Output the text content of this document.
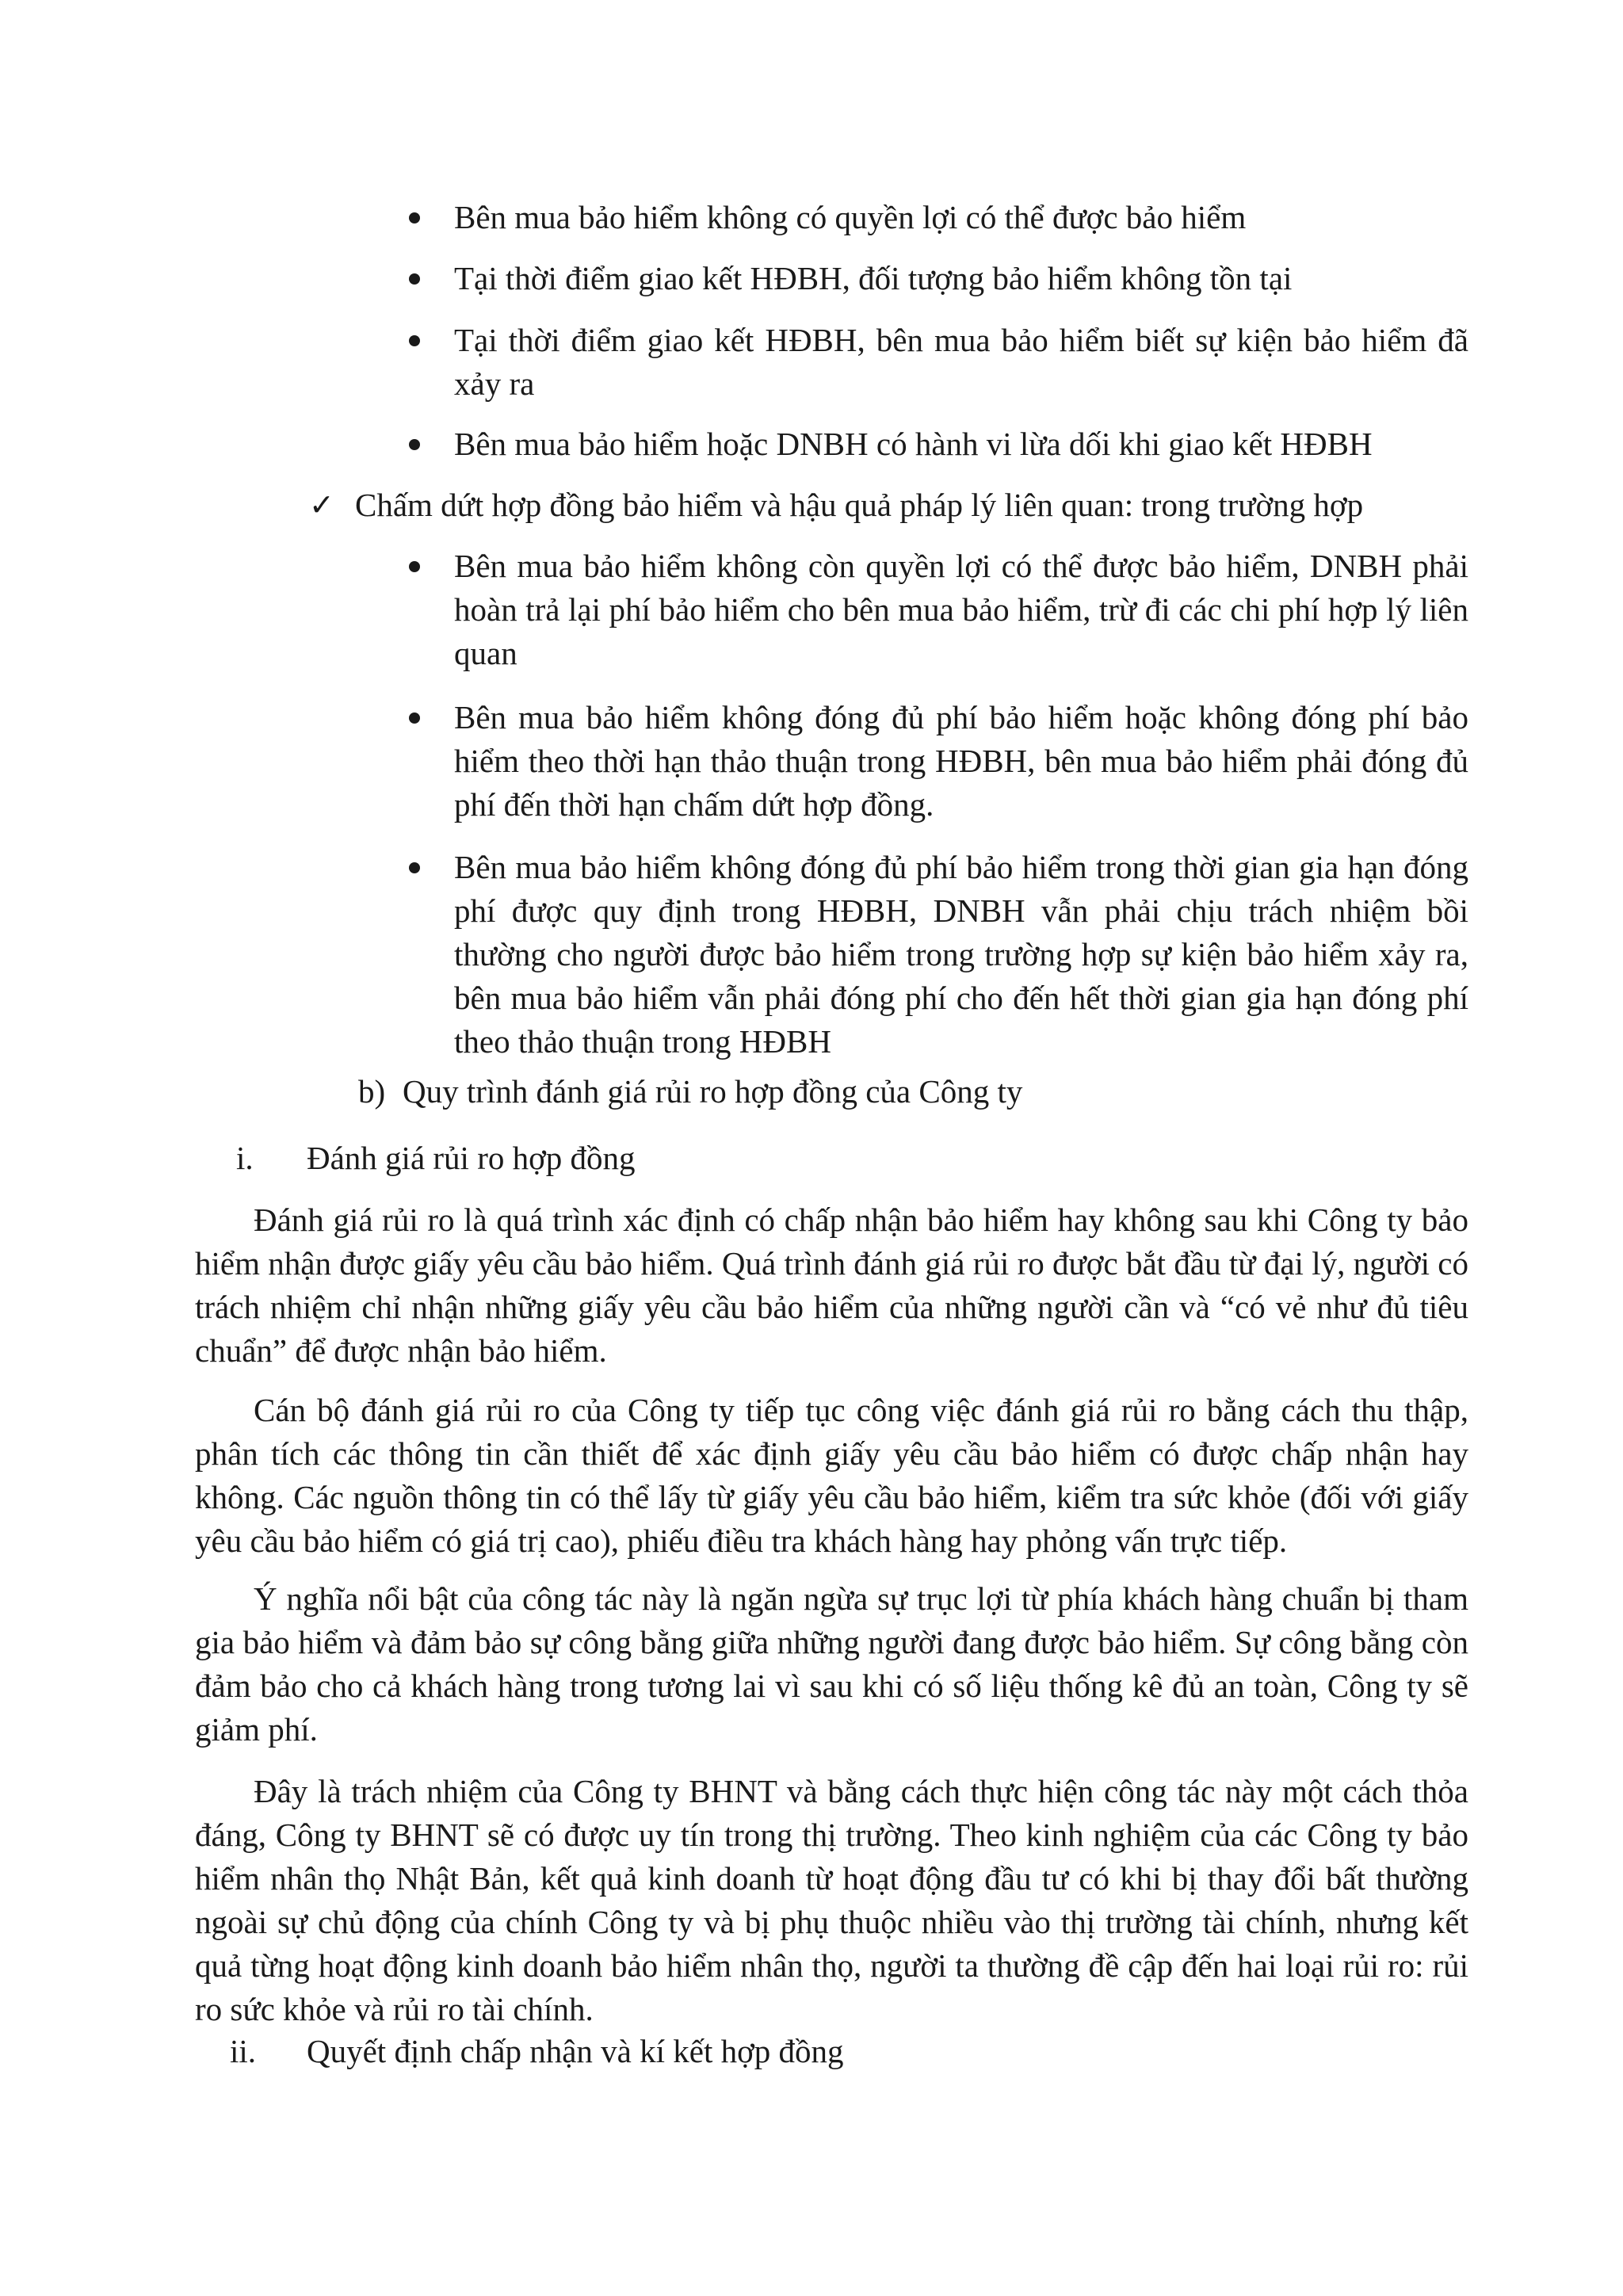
Bên mua bảo hiểm không có quyền lợi có thể được bảo hiểm

Tại thời điểm giao kết HĐBH, đối tượng bảo hiểm không tồn tại

Tại thời điểm giao kết HĐBH, bên mua bảo hiểm biết sự kiện bảo hiểm đã xảy ra

Bên mua bảo hiểm hoặc DNBH có hành vi lừa dối khi giao kết HĐBH

✓ Chấm dứt hợp đồng bảo hiểm và hậu quả pháp lý liên quan: trong trường hợp

Bên mua bảo hiểm không còn quyền lợi có thể được bảo hiểm, DNBH phải hoàn trả lại phí bảo hiểm cho bên mua bảo hiểm, trừ đi các chi phí hợp lý liên quan

Bên mua bảo hiểm không đóng đủ phí bảo hiểm hoặc không đóng phí bảo hiểm theo thời hạn thảo thuận trong HĐBH, bên mua bảo hiểm phải đóng đủ phí đến thời hạn chấm dứt hợp đồng.

Bên mua bảo hiểm không đóng đủ phí bảo hiểm trong thời gian gia hạn đóng phí được quy định trong HĐBH, DNBH vẫn phải chịu trách nhiệm bồi thường cho người được bảo hiểm trong trường hợp sự kiện bảo hiểm xảy ra, bên mua bảo hiểm vẫn phải đóng phí cho đến hết thời gian gia hạn đóng phí theo thảo thuận trong HĐBH

b) Quy trình đánh giá rủi ro hợp đồng của Công ty

i. Đánh giá rủi ro hợp đồng

Đánh giá rủi ro là quá trình xác định có chấp nhận bảo hiểm hay không sau khi Công ty bảo hiểm nhận được giấy yêu cầu bảo hiểm. Quá trình đánh giá rủi ro được bắt đầu từ đại lý, người có trách nhiệm chỉ nhận những giấy yêu cầu bảo hiểm của những người cần và “có vẻ như đủ tiêu chuẩn” để được nhận bảo hiểm.

Cán bộ đánh giá rủi ro của Công ty tiếp tục công việc đánh giá rủi ro bằng cách thu thập, phân tích các thông tin cần thiết để xác định giấy yêu cầu bảo hiểm có được chấp nhận hay không. Các nguồn thông tin có thể lấy từ giấy yêu cầu bảo hiểm, kiểm tra sức khỏe (đối với giấy yêu cầu bảo hiểm có giá trị cao), phiếu điều tra khách hàng hay phỏng vấn trực tiếp.

Ý nghĩa nổi bật của công tác này là ngăn ngừa sự trục lợi từ phía khách hàng chuẩn bị tham gia bảo hiểm và đảm bảo sự công bằng giữa những người đang được bảo hiểm. Sự công bằng còn đảm bảo cho cả khách hàng trong tương lai vì sau khi có số liệu thống kê đủ an toàn, Công ty sẽ giảm phí.

Đây là trách nhiệm của Công ty BHNT và bằng cách thực hiện công tác này một cách thỏa đáng, Công ty BHNT sẽ có được uy tín trong thị trường. Theo kinh nghiệm của các Công ty bảo hiểm nhân thọ Nhật Bản, kết quả kinh doanh từ hoạt động đầu tư có khi bị thay đổi bất thường ngoài sự chủ động của chính Công ty và bị phụ thuộc nhiều vào thị trường tài chính, nhưng kết quả từng hoạt động kinh doanh bảo hiểm nhân thọ, người ta thường đề cập đến hai loại rủi ro: rủi ro sức khỏe và rủi ro tài chính.

ii. Quyết định chấp nhận và kí kết hợp đồng
